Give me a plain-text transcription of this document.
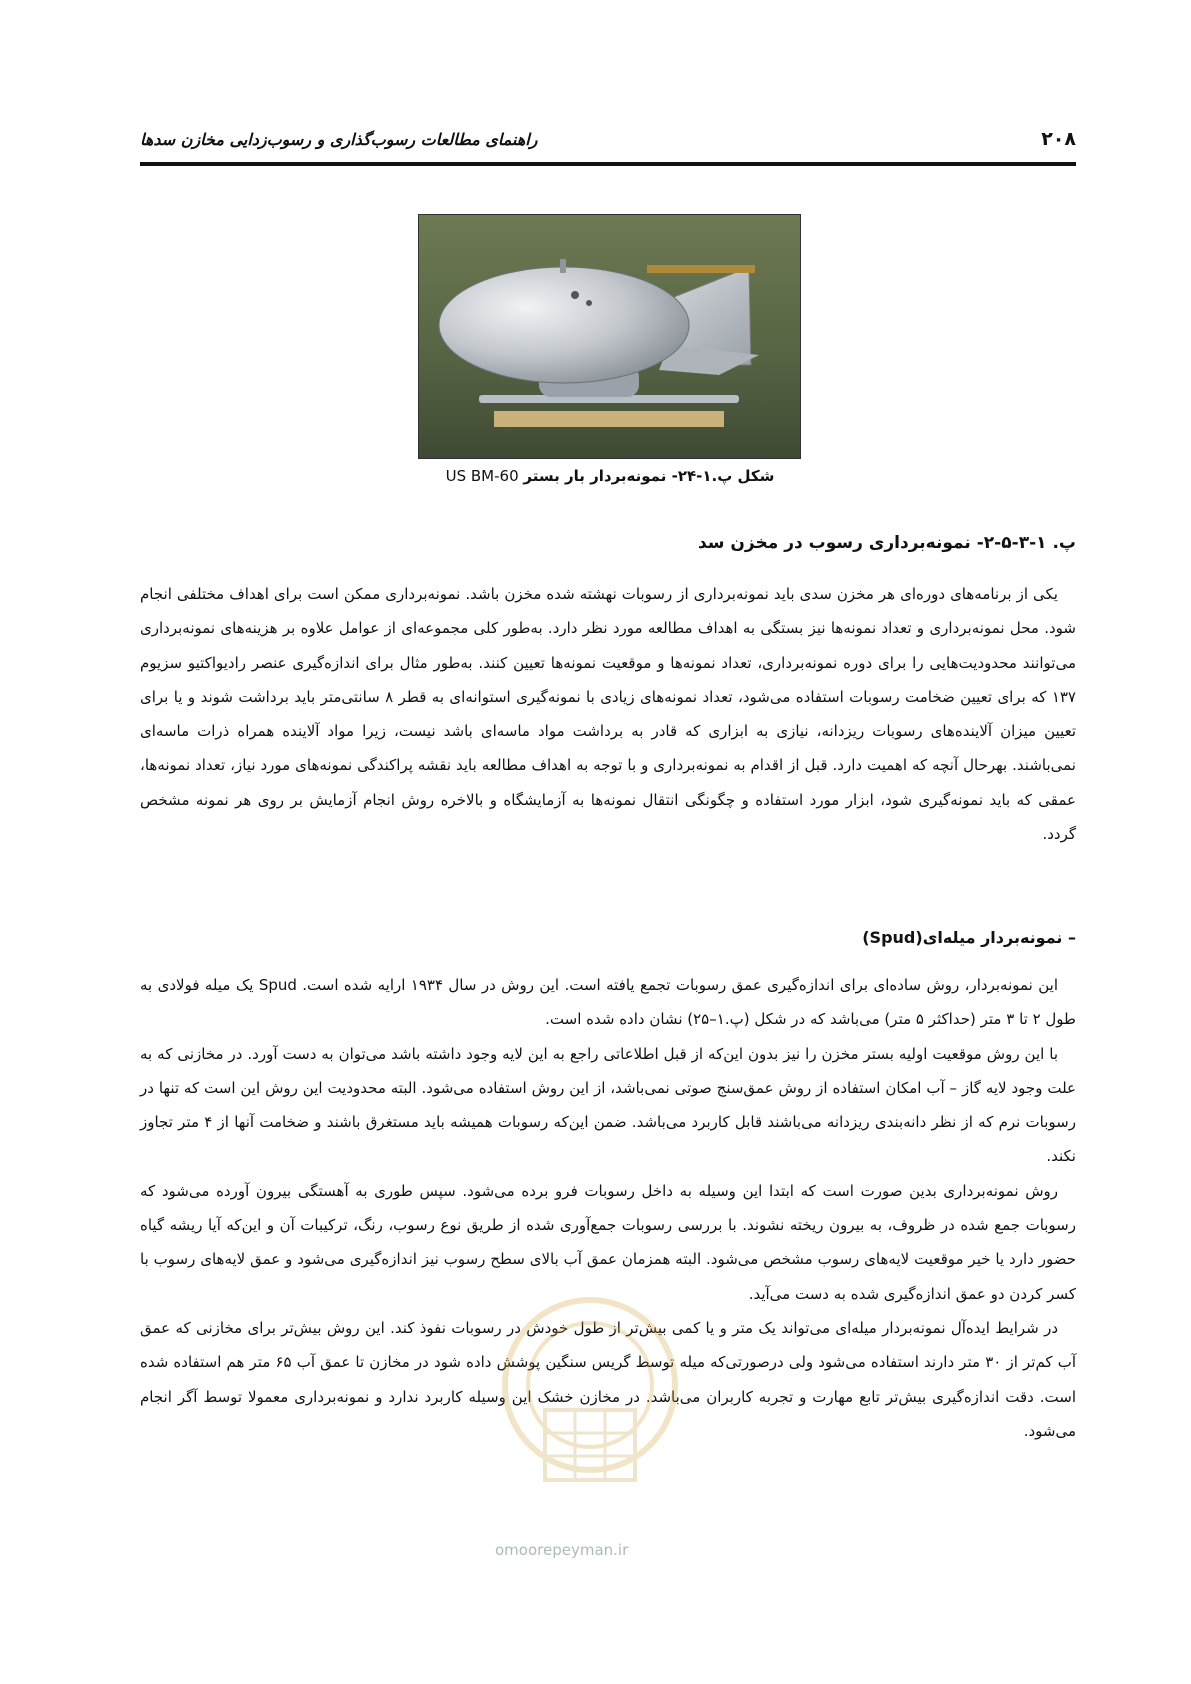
۲۰۸
راهنمای مطالعات رسوب‌گذاری و رسوب‌زدایی مخازن سدها
شکل پ.۱-۲۴- نمونه‌بردار بار بستر US BM-60
پ. ۱-۳-۵-۲- نمونه‌برداری رسوب در مخزن سد

یکی از برنامه‌های دوره‌ای هر مخزن سدی باید نمونه‌برداری از رسوبات نهشته شده مخزن باشد. نمونه‌برداری ممکن است برای اهداف مختلفی انجام شود. محل نمونه‌برداری و تعداد نمونه‌ها نیز بستگی به اهداف مطالعه مورد نظر دارد. به‌طور کلی مجموعه‌ای از عوامل علاوه بر هزینه‌های نمونه‌برداری می‌توانند محدودیت‌هایی را برای دوره نمونه‌برداری، تعداد نمونه‌ها و موقعیت نمونه‌ها تعیین کنند. به‌طور مثال برای اندازه‌گیری عنصر رادیواکتیو سزیوم ۱۳۷ که برای تعیین ضخامت رسوبات استفاده می‌شود، تعداد نمونه‌های زیادی با نمونه‌گیری استوانه‌ای به قطر ۸ سانتی‌متر باید برداشت شوند و یا برای تعیین میزان آلاینده‌های رسوبات ریزدانه، نیازی به ابزاری که قادر به برداشت مواد ماسه‌ای باشد نیست، زیرا مواد آلاینده همراه ذرات ماسه‌ای نمی‌باشند. بهرحال آنچه که اهمیت دارد. قبل از اقدام به نمونه‌برداری و با توجه به اهداف مطالعه باید نقشه پراکندگی نمونه‌های مورد نیاز، تعداد نمونه‌ها، عمقی که باید نمونه‌گیری شود، ابزار مورد استفاده و چگونگی انتقال نمونه‌ها به آزمایشگاه و بالاخره روش انجام آزمایش بر روی هر نمونه مشخص گردد.

– نمونه‌بردار میله‌ای(Spud)

این نمونه‌بردار، روش ساده‌ای برای اندازه‌گیری عمق رسوبات تجمع یافته است. این روش در سال ۱۹۳۴ ارایه شده است. Spud یک میله فولادی به طول ۲ تا ۳ متر (حداکثر ۵ متر) می‌باشد که در شکل (پ.۱–۲۵) نشان داده شده است.

با این روش موقعیت اولیه بستر مخزن را نیز بدون این‌که از قبل اطلاعاتی راجع به این لایه وجود داشته باشد می‌توان به دست آورد. در مخازنی که به علت وجود لایه گاز – آب امکان استفاده از روش عمق‌سنج صوتی نمی‌باشد، از این روش استفاده می‌شود. البته محدودیت این روش این است که تنها در رسوبات نرم که از نظر دانه‌بندی ریزدانه می‌باشند قابل کاربرد می‌باشد. ضمن این‌که رسوبات همیشه باید مستغرق باشند و ضخامت آنها از ۴ متر تجاوز نکند.

روش نمونه‌برداری بدین صورت است که ابتدا این وسیله به داخل رسوبات فرو برده می‌شود. سپس طوری به آهستگی بیرون آورده می‌شود که رسوبات جمع شده در ظروف، به بیرون ریخته نشوند. با بررسی رسوبات جمع‌آوری شده از طریق نوع رسوب، رنگ، ترکیبات آن و این‌که آیا ریشه گیاه حضور دارد یا خیر موقعیت لایه‌های رسوب مشخص می‌شود. البته همزمان عمق آب بالای سطح رسوب نیز اندازه‌گیری می‌شود و عمق لایه‌های رسوب با کسر کردن دو عمق اندازه‌گیری شده به دست می‌آید.

در شرایط ایده‌آل نمونه‌بردار میله‌ای می‌تواند یک متر و یا کمی بیش‌تر از طول خودش در رسوبات نفوذ کند. این روش بیش‌تر برای مخازنی که عمق آب کم‌تر از ۳۰ متر دارند استفاده می‌شود ولی درصورتی‌که میله توسط گریس سنگین پوشش داده شود در مخازن تا عمق آب ۶۵ متر هم استفاده شده است. دقت اندازه‌گیری بیش‌تر تابع مهارت و تجربه کاربران می‌باشد. در مخازن خشک این وسیله کاربرد ندارد و نمونه‌برداری معمولا توسط آگر انجام می‌شود.

omoorepeyman.ir
